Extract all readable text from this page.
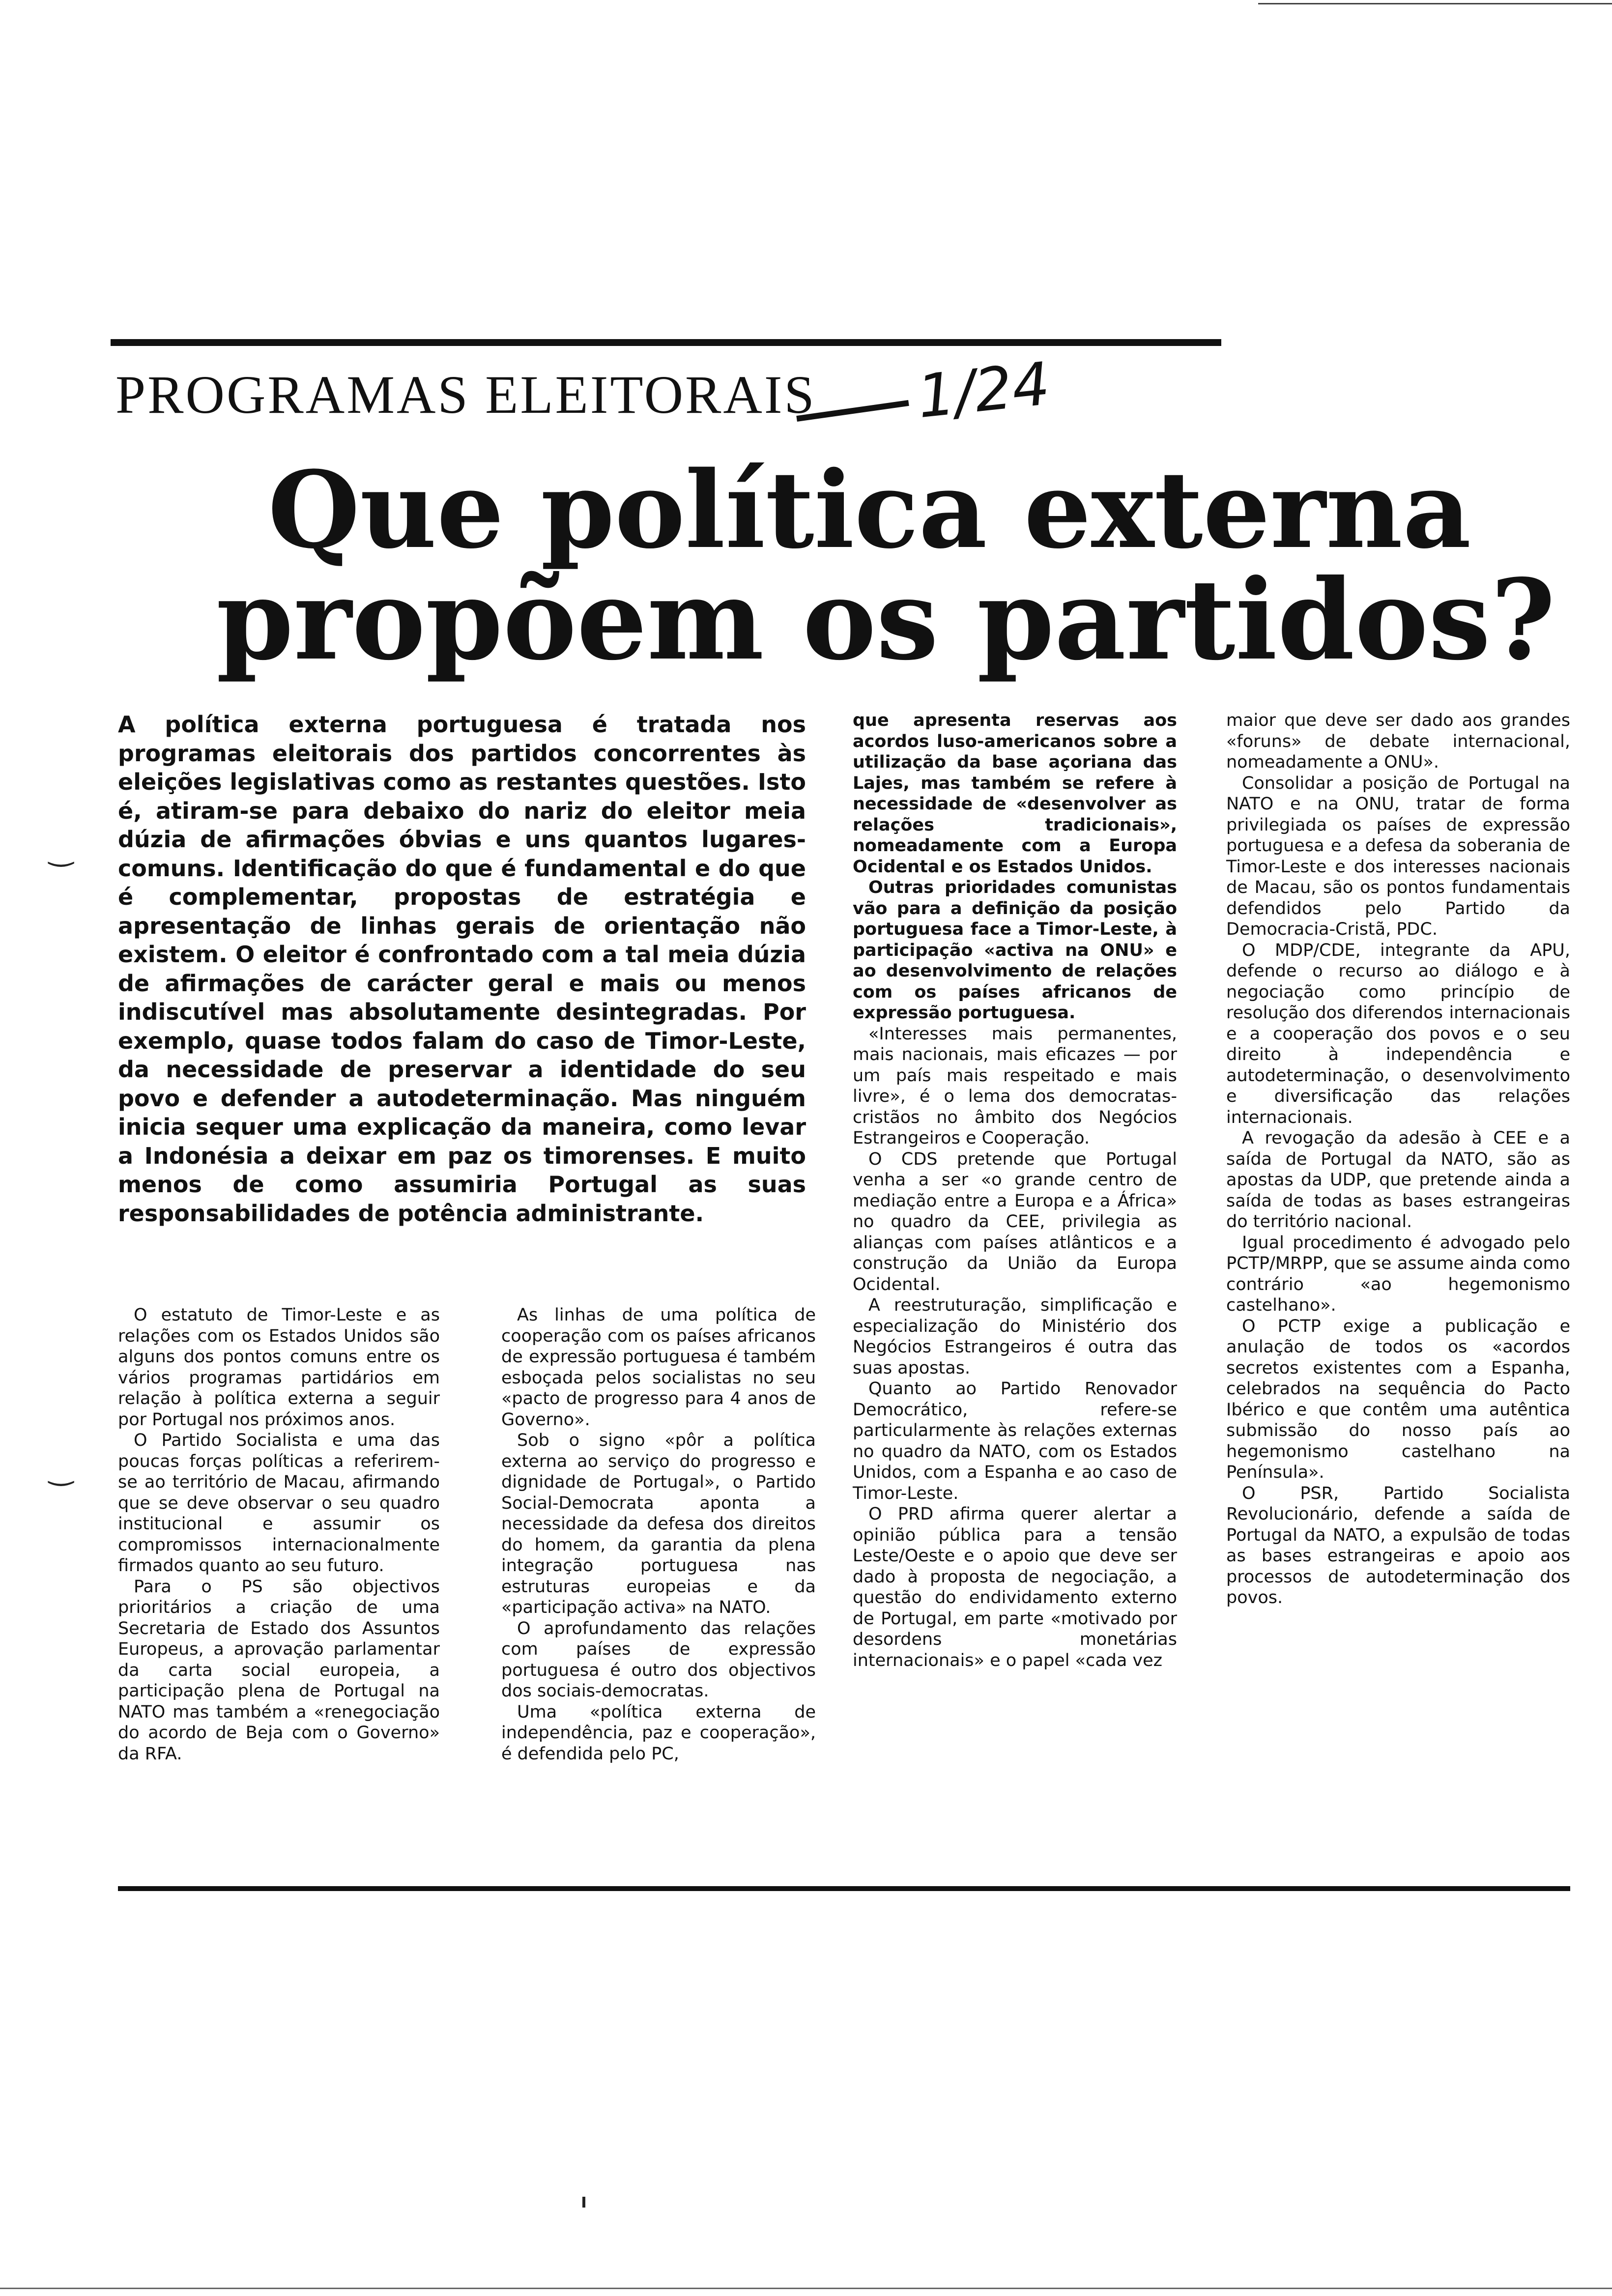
PROGRAMAS ELEITORAIS 1/24
Que política externa
propõem os partidos?
A política externa portuguesa é tratada nos programas eleitorais dos partidos concorrentes às eleições legislativas como as restantes questões. Isto é, atiram-se para debaixo do nariz do eleitor meia dúzia de afirmações óbvias e uns quantos lugares-comuns. Identificação do que é fundamental e do que é complementar, propostas de estratégia e apresentação de linhas gerais de orientação não existem. O eleitor é confrontado com a tal meia dúzia de afirmações de carácter geral e mais ou menos indiscutível mas absolutamente desintegradas. Por exemplo, quase todos falam do caso de Timor-Leste, da necessidade de preservar a identidade do seu povo e defender a autodeterminação. Mas ninguém inicia sequer uma explicação da maneira, como levar a Indonésia a deixar em paz os timorenses. E muito menos de como assumiria Portugal as suas responsabilidades de potência administrante.
‿
‿

O estatuto de Timor-Leste e as relações com os Estados Unidos são alguns dos pontos comuns entre os vários programas partidários em relação à política externa a seguir por Portugal nos próximos anos.

O Partido Socialista e uma das poucas forças políticas a referirem-se ao território de Macau, afirmando que se deve observar o seu quadro institucional e assumir os compromissos internacionalmente firmados quanto ao seu futuro.

Para o PS são objectivos prioritários a criação de uma Secretaria de Estado dos Assuntos Europeus, a aprovação parlamentar da carta social europeia, a participação plena de Portugal na NATO mas também a «renegociação do acordo de Beja com o Governo» da RFA.

As linhas de uma política de cooperação com os países africanos de expressão portuguesa é também esboçada pelos socialistas no seu «pacto de progresso para 4 anos de Governo».

Sob o signo «pôr a política externa ao serviço do progresso e dignidade de Portugal», o Partido Social-Democrata aponta a necessidade da defesa dos direitos do homem, da garantia da plena integração portuguesa nas estruturas europeias e da «participação activa» na NATO.

O aprofundamento das relações com países de expressão portuguesa é outro dos objectivos dos sociais-democratas.

Uma «política externa de independência, paz e cooperação», é defendida pelo PC,

que apresenta reservas aos acordos luso-americanos sobre a utilização da base açoriana das Lajes, mas também se refere à necessidade de «desenvolver as relações tradicionais», nomeadamente com a Europa Ocidental e os Estados Unidos.

Outras prioridades comunistas vão para a definição da posição portuguesa face a Timor-Leste, à participação «activa na ONU» e ao desenvolvimento de relações com os países africanos de expressão portuguesa.

«Interesses mais permanentes, mais nacionais, mais eficazes — por um país mais respeitado e mais livre», é o lema dos democratas-cristãos no âmbito dos Negócios Estrangeiros e Cooperação.

O CDS pretende que Portugal venha a ser «o grande centro de mediação entre a Europa e a África» no quadro da CEE, privilegia as alianças com países atlânticos e a construção da União da Europa Ocidental.

A reestruturação, simplificação e especialização do Ministério dos Negócios Estrangeiros é outra das suas apostas.

Quanto ao Partido Renovador Democrático, refere-se particularmente às relações externas no quadro da NATO, com os Estados Unidos, com a Espanha e ao caso de Timor-Leste.

O PRD afirma querer alertar a opinião pública para a tensão Leste/Oeste e o apoio que deve ser dado à proposta de negociação, a questão do endividamento externo de Portugal, em parte «motivado por desordens monetárias internacionais» e o papel «cada vez

maior que deve ser dado aos grandes «foruns» de debate internacional, nomeadamente a ONU».

Consolidar a posição de Portugal na NATO e na ONU, tratar de forma privilegiada os países de expressão portuguesa e a defesa da soberania de Timor-Leste e dos interesses nacionais de Macau, são os pontos fundamentais defendidos pelo Partido da Democracia-Cristã, PDC.

O MDP/CDE, integrante da APU, defende o recurso ao diálogo e à negociação como princípio de resolução dos diferendos internacionais e a cooperação dos povos e o seu direito à independência e autodeterminação, o desenvolvimento e diversificação das relações internacionais.

A revogação da adesão à CEE e a saída de Portugal da NATO, são as apostas da UDP, que pretende ainda a saída de todas as bases estrangeiras do território nacional.

Igual procedimento é advogado pelo PCTP/MRPP, que se assume ainda como contrário «ao hegemonismo castelhano».

O PCTP exige a publicação e anulação de todos os «acordos secretos existentes com a Espanha, celebrados na sequência do Pacto Ibérico e que contêm uma autêntica submissão do nosso país ao hegemonismo castelhano na Península».

O PSR, Partido Socialista Revolucionário, defende a saída de Portugal da NATO, a expulsão de todas as bases estrangeiras e apoio aos processos de autodeterminação dos povos.
